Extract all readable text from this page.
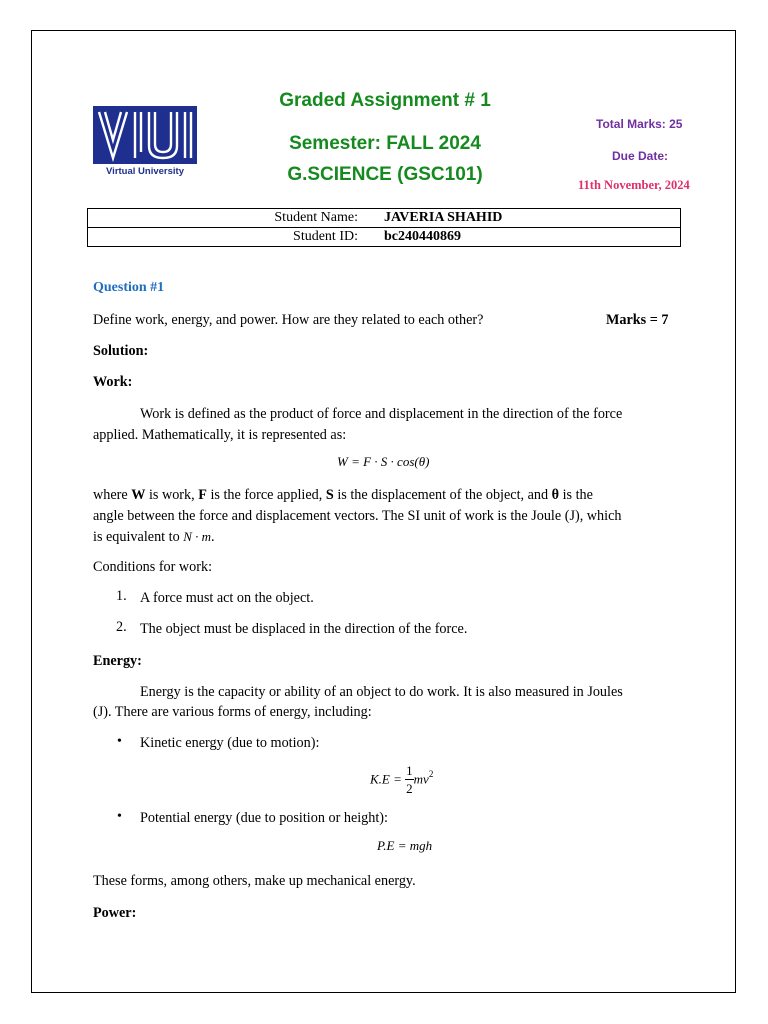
Virtual University
Graded Assignment # 1
Semester: FALL 2024
G.SCIENCE (GSC101)
Total Marks: 25
Due Date:
11th November, 2024
Student Name:	JAVERIA SHAHID
Student ID:	bc240440869
Question #1
Define work, energy, and power. How are they related to each other?	Marks = 7
Solution:
Work:
Work is defined as the product of force and displacement in the direction of the force
applied. Mathematically, it is represented as:
W = F · S · cos(θ)
where W is work, F is the force applied, S is the displacement of the object, and θ is the
angle between the force and displacement vectors. The SI unit of work is the Joule (J), which
is equivalent to N · m.
Conditions for work:
1. A force must act on the object.
2. The object must be displaced in the direction of the force.
Energy:
Energy is the capacity or ability of an object to do work. It is also measured in Joules
(J). There are various forms of energy, including:
• Kinetic energy (due to motion):
$K.E = \frac{1}{2} mv^2$
• Potential energy (due to position or height):
P.E = mgh
These forms, among others, make up mechanical energy.
Power:
